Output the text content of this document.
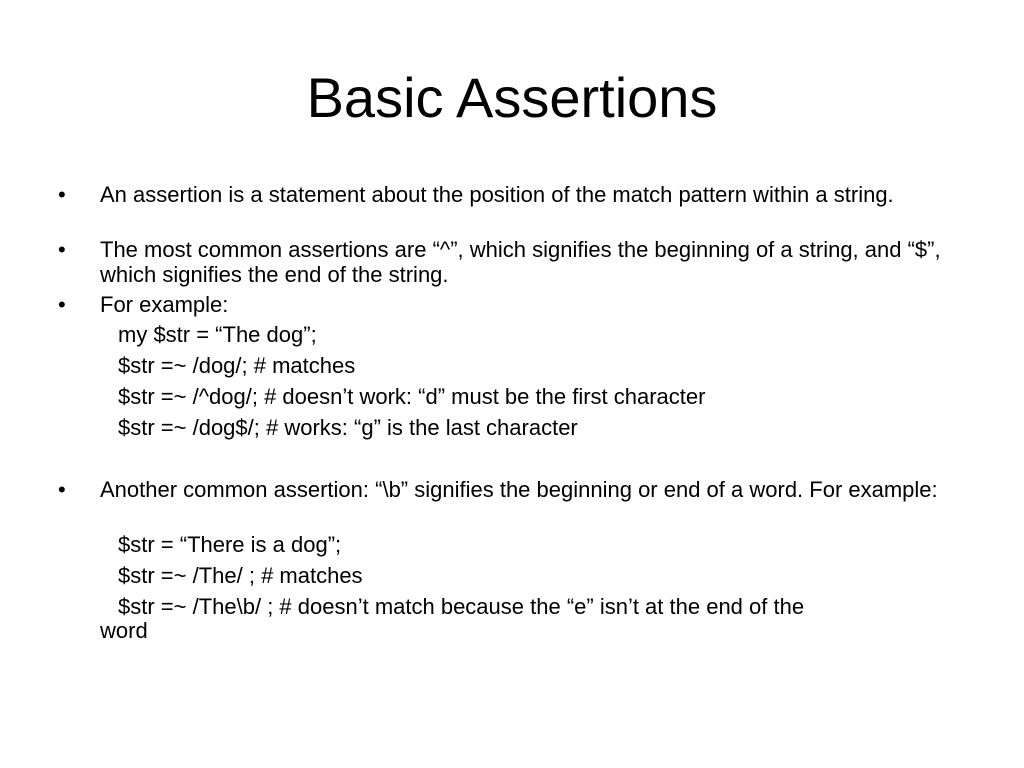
Basic Assertions
• An assertion is a statement about the position of the match pattern within a string.
• The most common assertions are “^”, which signifies the beginning of a string, and “$”, which signifies the end of the string.
• For example:
my $str = “The dog”;
$str =~ /dog/; # matches
$str =~ /^dog/; # doesn’t work: “d” must be the first character
$str =~ /dog$/; # works: “g” is the last character
• Another common assertion: “\b” signifies the beginning or end of a word. For example:
$str = “There is a dog”;
$str =~ /The/ ; # matches
$str =~ /The\b/ ; # doesn’t match because the “e” isn’t at the end of the
word
